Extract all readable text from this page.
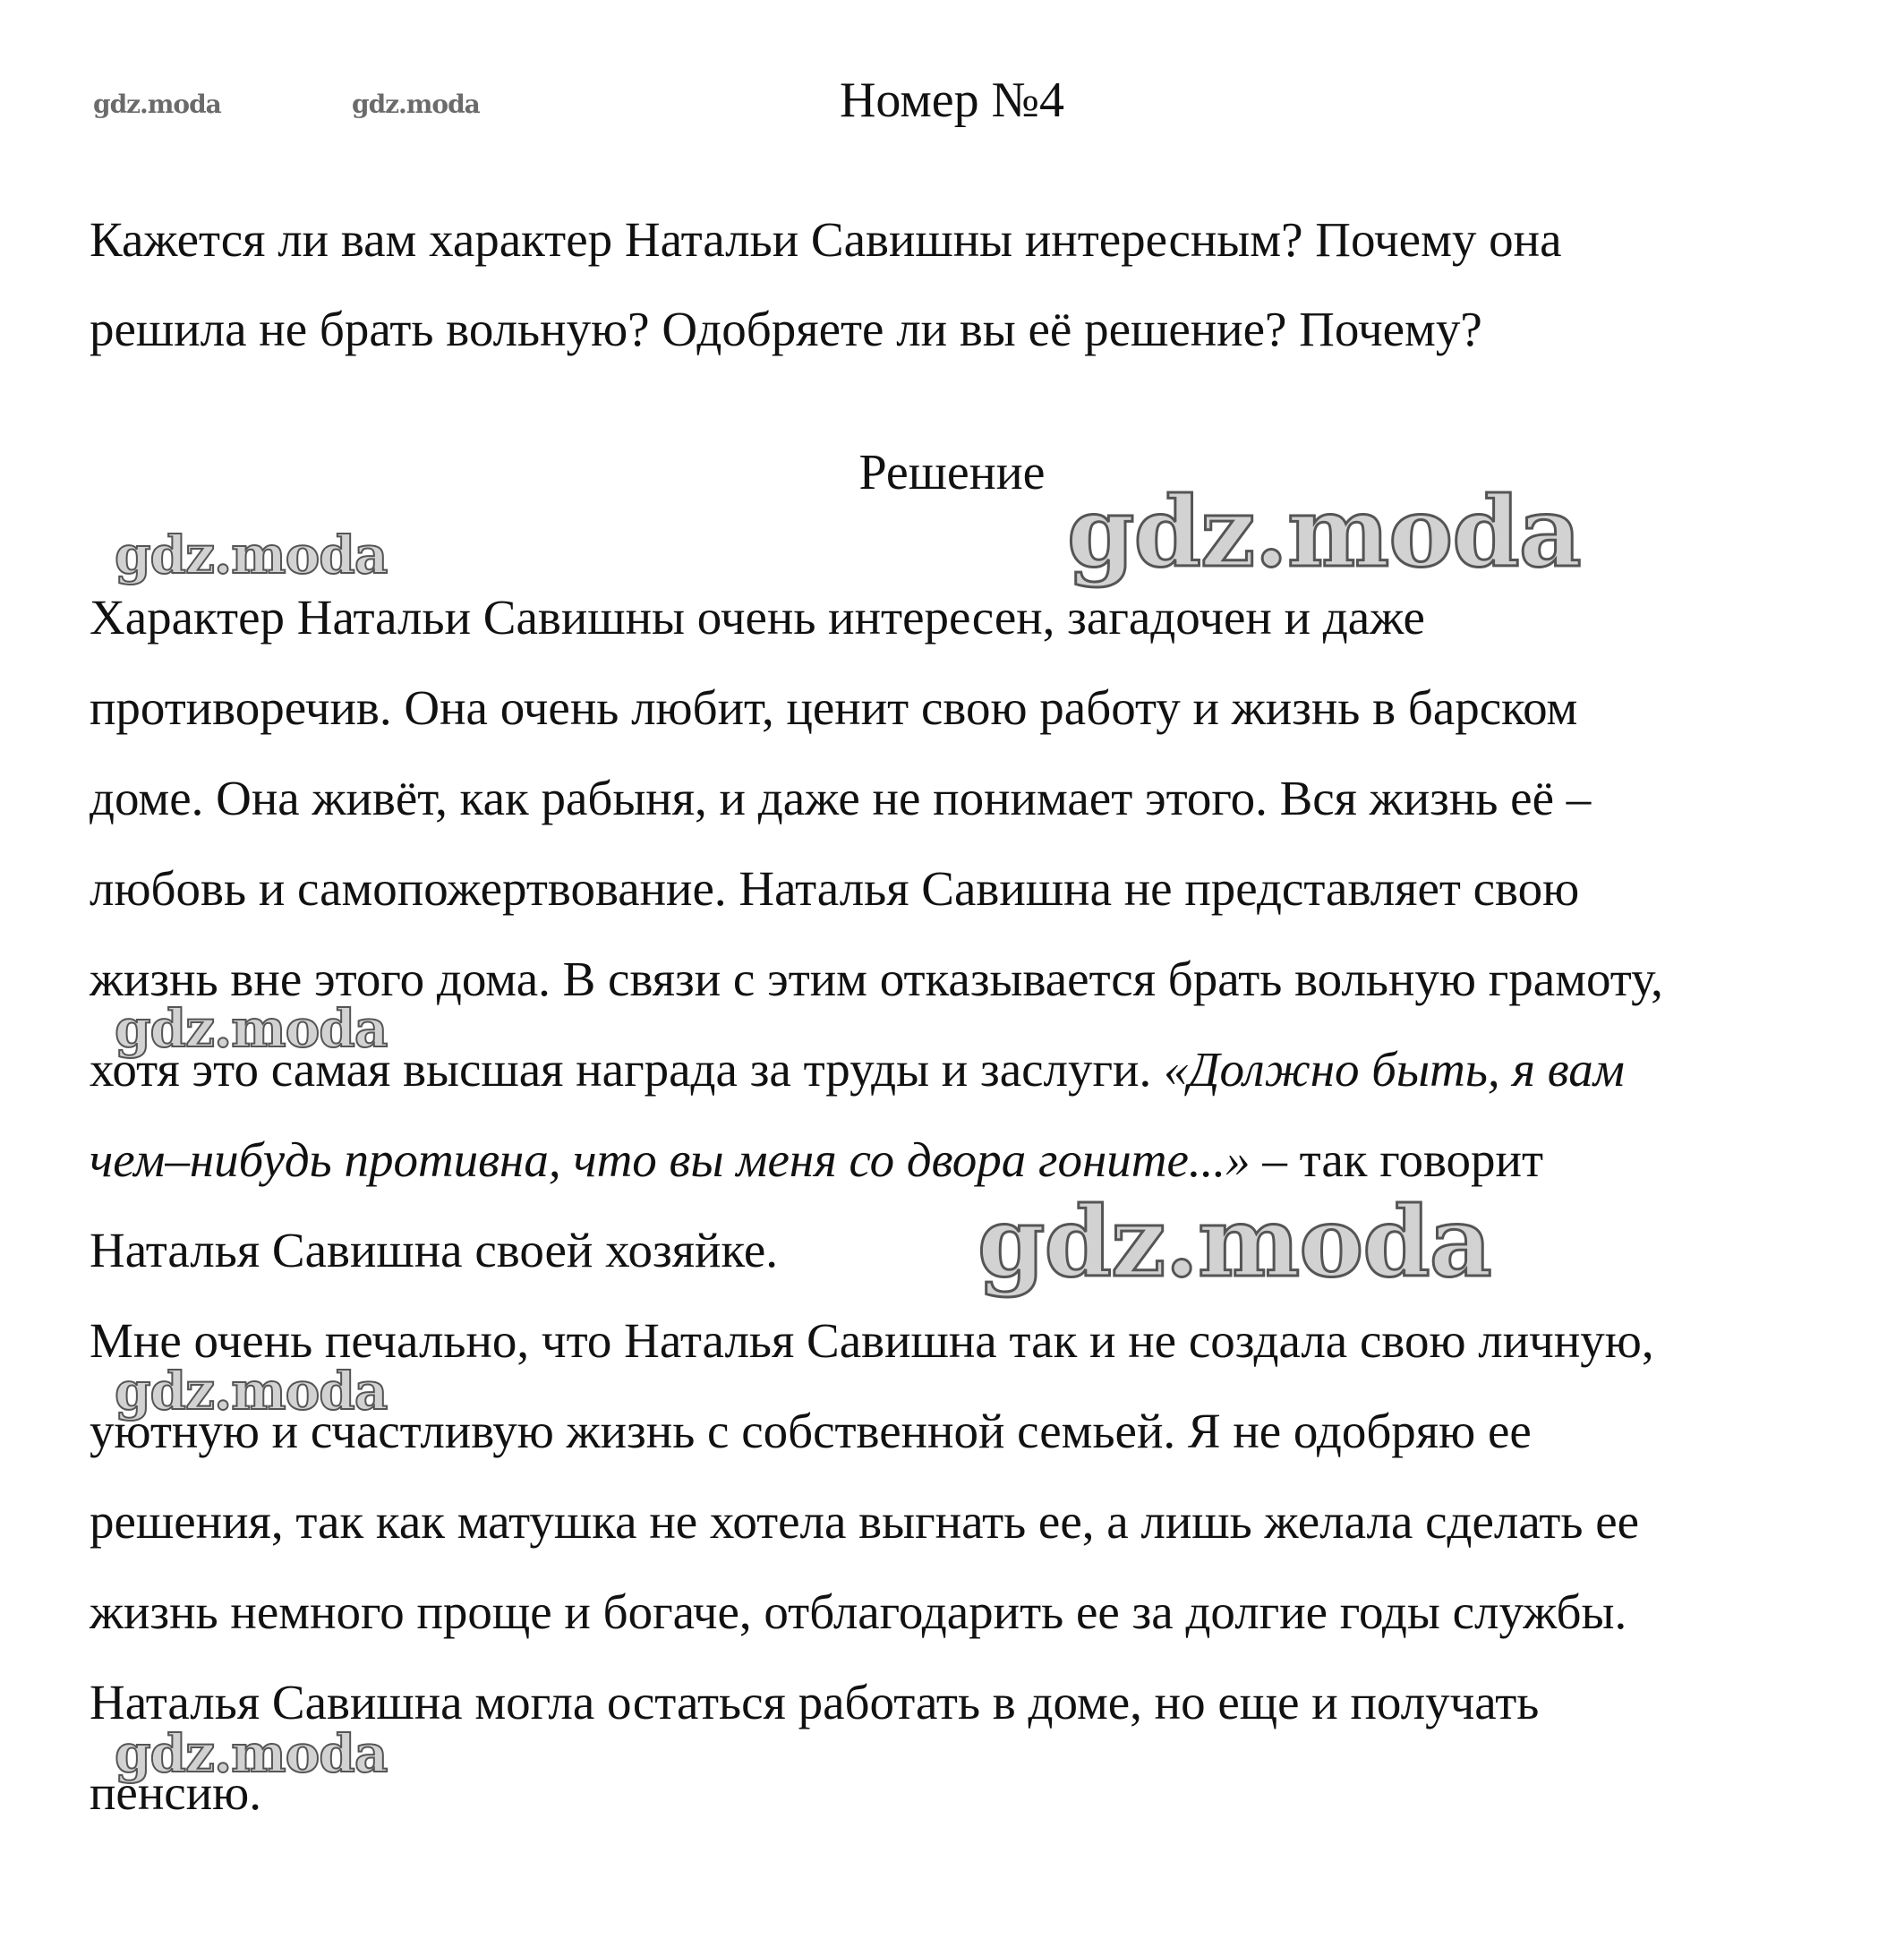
Номер №4

Кажется ли вам характер Натальи Савишны интересным? Почему она

решила не брать вольную? Одобряете ли вы её решение? Почему?

Решение

Характер Натальи Савишны очень интересен, загадочен и даже

противоречив. Она очень любит, ценит свою работу и жизнь в барском

доме. Она живёт, как рабыня, и даже не понимает этого. Вся жизнь её –

любовь и самопожертвование. Наталья Савишна не представляет свою

жизнь вне этого дома. В связи с этим отказывается брать вольную грамоту,

хотя это самая высшая награда за труды и заслуги. «Должно быть, я вам

чем–нибудь противна, что вы меня со двора гоните...» – так говорит

Наталья Савишна своей хозяйке.

Мне очень печально, что Наталья Савишна так и не создала свою личную,

уютную и счастливую жизнь с собственной семьей. Я не одобряю ее

решения, так как матушка не хотела выгнать ее, а лишь желала сделать ее

жизнь немного проще и богаче, отблагодарить ее за долгие годы службы.

Наталья Савишна могла остаться работать в доме, но еще и получать

пенсию.

gdz.moda	gdz.moda
gdz.moda	gdz.moda
gdz.moda
gdz.moda
gdz.moda
gdz.moda
